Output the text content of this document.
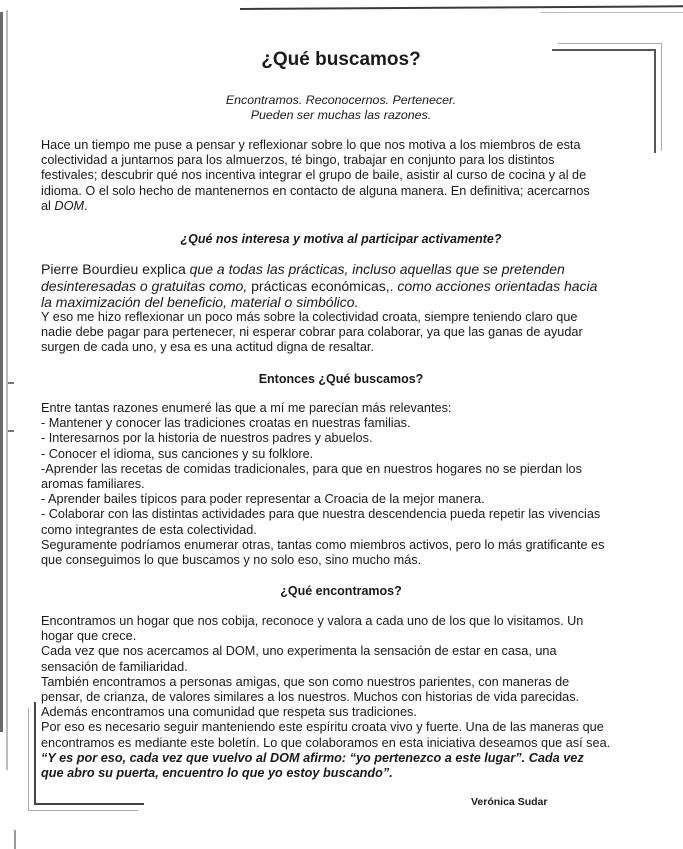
¿Qué buscamos?
Encontramos. Reconocernos. Pertenecer.
Pueden ser muchas las razones.
Hace un tiempo me puse a pensar y reflexionar sobre lo que nos motiva a los miembros de esta
colectividad a juntarnos para los almuerzos, té bingo, trabajar en conjunto para los distintos
festivales; descubrir qué nos incentiva integrar el grupo de baile, asistir al curso de cocina y al de
idioma. O el solo hecho de mantenernos en contacto de alguna manera. En definitiva; acercarnos
al DOM.
¿Qué nos interesa y motiva al participar activamente?
Pierre Bourdieu explica que a todas las prácticas, incluso aquellas que se pretenden
desinteresadas o gratuitas como, prácticas económicas,. como acciones orientadas hacia
la maximización del beneficio, material o simbólico.
Y eso me hizo reflexionar un poco más sobre la colectividad croata, siempre teniendo claro que
nadie debe pagar para pertenecer, ni esperar cobrar para colaborar, ya que las ganas de ayudar
surgen de cada uno, y esa es una actitud digna de resaltar.
Entonces ¿Qué buscamos?
Entre tantas razones enumeré las que a mí me parecían más relevantes:
- Mantener y conocer las tradiciones croatas en nuestras familias.
- Interesarnos por la historia de nuestros padres y abuelos.
- Conocer el idioma, sus canciones y su folklore.
-Aprender las recetas de comidas tradicionales, para que en nuestros hogares no se pierdan los
aromas familiares.
- Aprender bailes típicos para poder representar a Croacia de la mejor manera.
- Colaborar con las distintas actividades para que nuestra descendencia pueda repetir las vivencias
como integrantes de esta colectividad.
Seguramente podríamos enumerar otras, tantas como miembros activos, pero lo más gratificante es
que conseguimos lo que buscamos y no solo eso, sino mucho más.
¿Qué encontramos?
Encontramos un hogar que nos cobija, reconoce y valora a cada uno de los que lo visitamos. Un
hogar que crece.
Cada vez que nos acercamos al DOM, uno experimenta la sensación de estar en casa, una
sensación de familiaridad.
También encontramos a personas amigas, que son como nuestros parientes, con maneras de
pensar, de crianza, de valores similares a los nuestros. Muchos con historias de vida parecidas.
Además encontramos una comunidad que respeta sus tradiciones.
Por eso es necesario seguir manteniendo este espíritu croata vivo y fuerte. Una de las maneras que
encontramos es mediante este boletín. Lo que colaboramos en esta iniciativa deseamos que así sea.
“Y es por eso, cada vez que vuelvo al DOM afirmo: “yo pertenezco a este lugar”. Cada vez
que abro su puerta, encuentro lo que yo estoy buscando”.
Verónica Sudar
